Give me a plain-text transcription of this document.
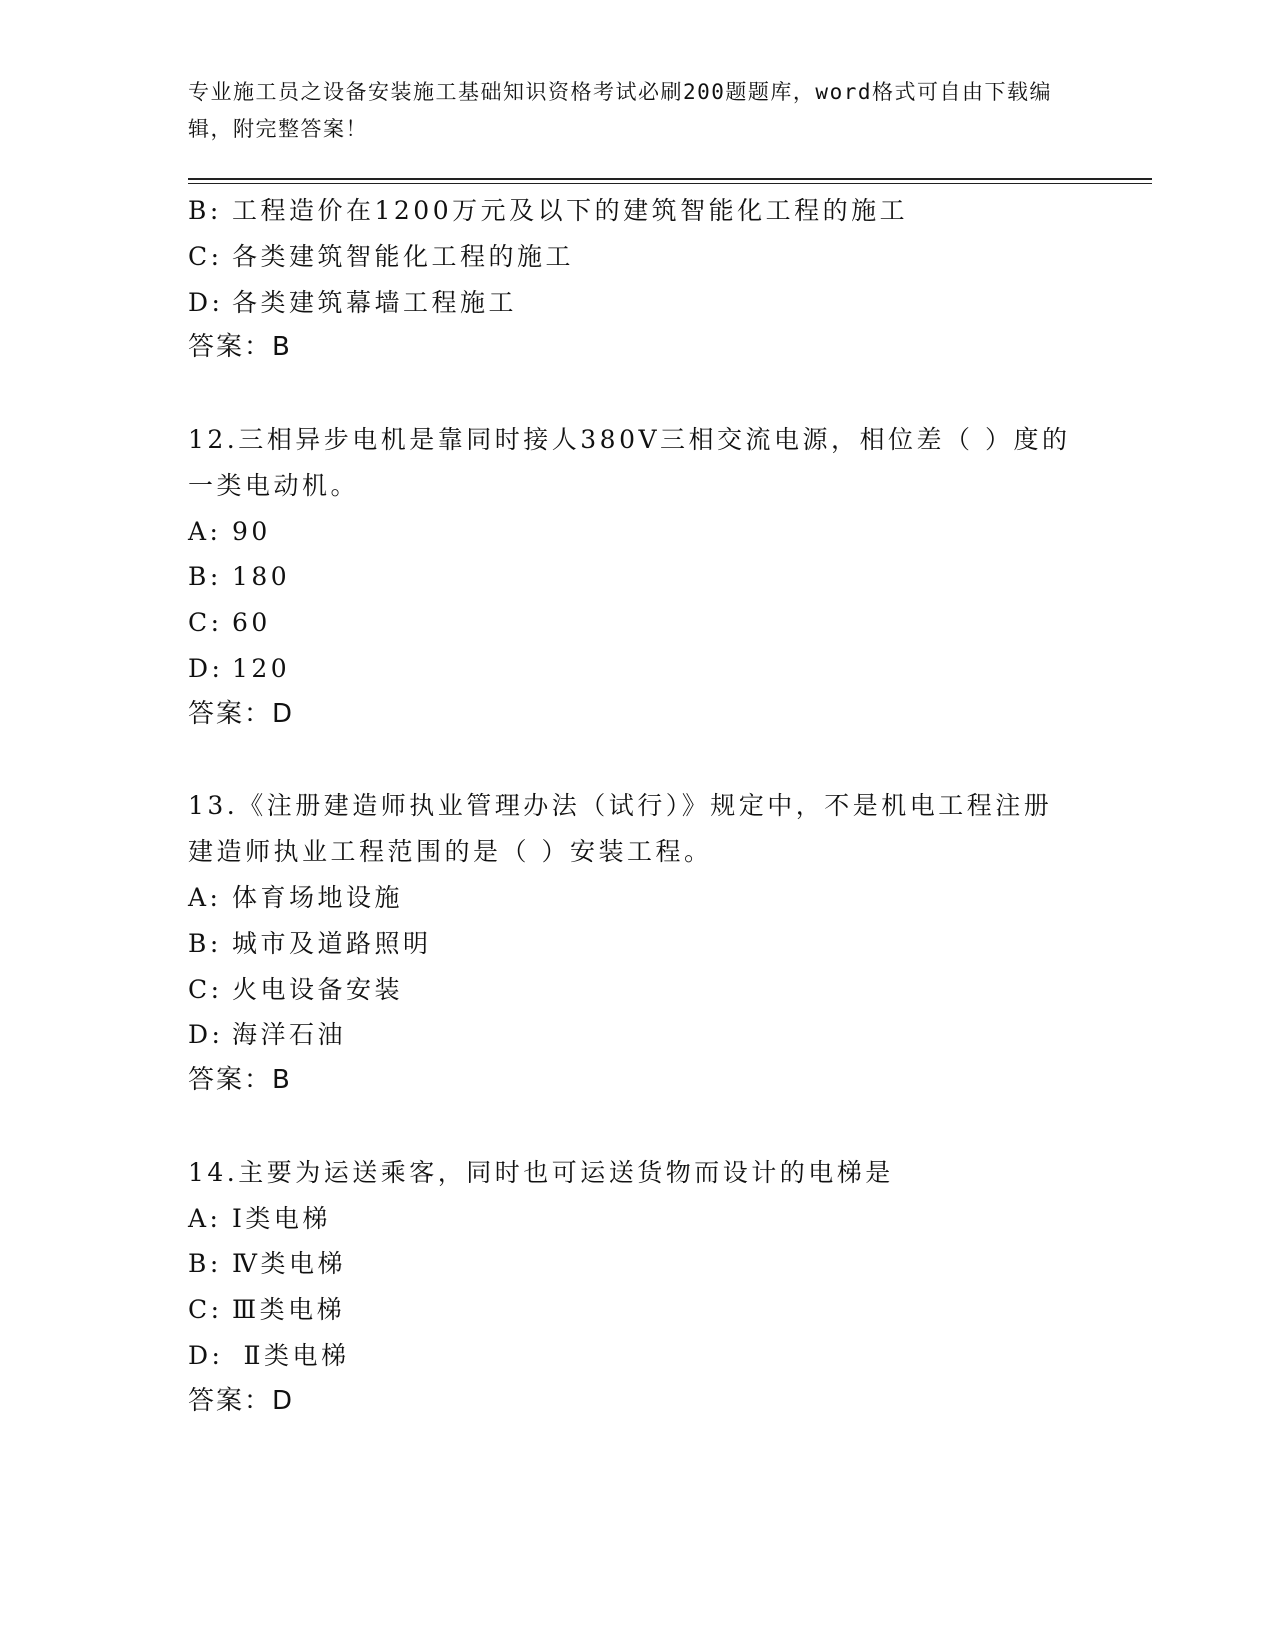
专业施工员之设备安装施工基础知识资格考试必刷200题题库，word格式可自由下载编辑，附完整答案！
B: 工程造价在1200万元及以下的建筑智能化工程的施工
C: 各类建筑智能化工程的施工
D: 各类建筑幕墙工程施工
答案：B
12.三相异步电机是靠同时接人380V三相交流电源，相位差（ ）度的
一类电动机。
A: 90
B: 180
C: 60
D: 120
答案：D
13.《注册建造师执业管理办法（试行）》规定中，不是机电工程注册
建造师执业工程范围的是（ ）安装工程。
A: 体育场地设施
B: 城市及道路照明
C: 火电设备安装
D: 海洋石油
答案：B
14.主要为运送乘客，同时也可运送货物而设计的电梯是
A: Ⅰ类电梯
B: Ⅳ类电梯
C: Ⅲ类电梯
D: Ⅱ类电梯
答案：D
